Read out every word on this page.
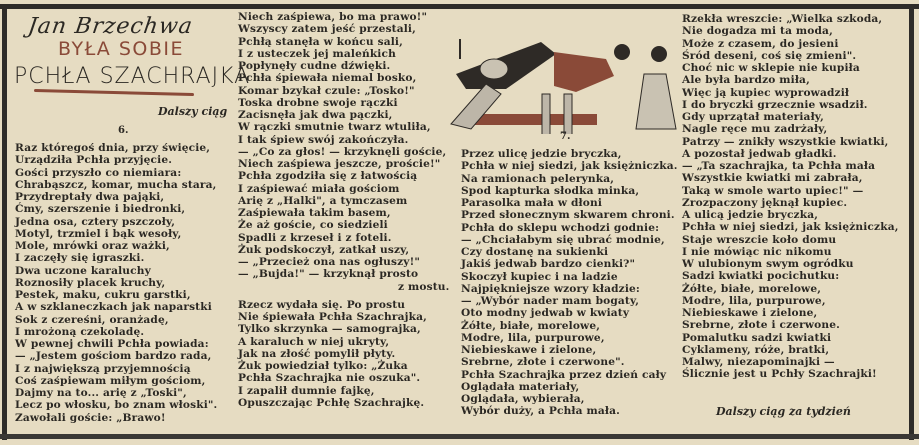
Jan Brzechwa
BYŁA SOBIE
PCHŁA SZACHRAJKA
Dalszy ciąg
6.
Raz któregoś dnia, przy święcie,
Urządziła Pchła przyjęcie.
Gości przyszło co niemiara:
Chrabąszcz, komar, mucha stara,
Przydreptały dwa pająki,
Ćmy, szerszenie i biedronki,
Jedna osa, cztery pszczoły,
Motyl, trzmiel i bąk wesoły,
Mole, mrówki oraz ważki,
I zaczęły się igraszki.
Dwa uczone karaluchy
Roznosiły placek kruchy,
Pestek, maku, cukru garstki,
A w szklaneczkach jak naparstki
Sok z czereśni, oranżadę,
I mrożoną czekoladę.
W pewnej chwili Pchła powiada:
— „Jestem gościom bardzo rada,
I z największą przyjemnością
Coś zaśpiewam miłym gościom,
Dajmy na to... arię z „Toski",
Lecz po włosku, bo znam włoski".
Zawołali goście: „Brawo!
Niech zaśpiewa, bo ma prawo!"
Wszyscy zatem jeść przestali,
Pchłą stanęła w końcu sali,
I z usteczek jej maleńkich
Popłynęły cudne dźwięki.
Pchła śpiewała niemal bosko,
Komar bzykał czule: „Tosko!"
Toska drobne swoje rączki
Zacisnęła jak dwa pączki,
W rączki smutnie twarz wtuliła,
I tak śpiew swój zakończyła.
— „Co za głos! — krzyknęli goście,
Niech zaśpiewa jeszcze, proście!"
Pchła zgodziła się z łatwością
I zaśpiewać miała gościom
Arię z „Halki", a tymczasem
Zaśpiewała takim basem,
Że aż goście, co siedzieli
Spadli z krzeseł i z foteli.
Żuk podskoczył, zatkał uszy,
— „Przecież ona nas ogłuszy!"
— „Bujda!" — krzyknął prosto
z mostu.
Rzecz wydała się. Po prostu
Nie śpiewała Pchła Szachrajka,
Tylko skrzynka — samograjka,
A karaluch w niej ukryty,
Jak na złość pomylił płyty.
Żuk powiedział tylko: „Żuka
Pchła Szachrajka nie oszuka".
I zapalił dumnie fajkę,
Opuszczając Pchłę Szachrajkę.
7.
Przez ulicę jedzie bryczka,
Pchła w niej siedzi, jak księżniczka.
Na ramionach pelerynka,
Spod kapturka słodka minka,
Parasolka mała w dłoni
Przed słonecznym skwarem chroni.
Pchła do sklepu wchodzi godnie:
— „Chciałabym się ubrać modnie,
Czy dostanę na sukienki
Jakiś jedwab bardzo cienki?"
Skoczył kupiec i na ladzie
Najpiękniejsze wzory kładzie:
— „Wybór nader mam bogaty,
Oto modny jedwab w kwiaty
Żółte, białe, morelowe,
Modre, lila, purpurowe,
Niebieskawe i zielone,
Srebrne, złote i czerwone".
Pchła Szachrajka przez dzień cały
Oglądała materiały,
Oglądała, wybierała,
Wybór duży, a Pchła mała.
Rzekła wreszcie: „Wielka szkoda,
Nie dogadza mi ta moda,
Może z czasem, do jesieni
Śród deseni, coś się zmieni".
Choć nic w sklepie nie kupiła
Ale była bardzo miła,
Więc ją kupiec wyprowadził
I do bryczki grzecznie wsadził.
Gdy uprzątał materiały,
Nagle ręce mu zadrżały,
Patrzy — znikły wszystkie kwiatki,
A pozostał jedwab gładki.
— „Ta szachrajka, ta Pchła mała
Wszystkie kwiatki mi zabrała,
Taką w smole warto upiec!" —
Zrozpaczony jęknął kupiec.
A ulicą jedzie bryczka,
Pchła w niej siedzi, jak księżniczka,
Staje wreszcie koło domu
I nie mówiąc nic nikomu
W ulubionym swym ogródku
Sadzi kwiatki pocichutku:
Żółte, białe, morelowe,
Modre, lila, purpurowe,
Niebieskawe i zielone,
Srebrne, złote i czerwone.
Pomalutku sadzi kwiatki
Cyklameny, róże, bratki,
Malwy, niezapominajki —
Ślicznie jest u Pchły Szachrajki!
Dalszy ciąg za tydzień
